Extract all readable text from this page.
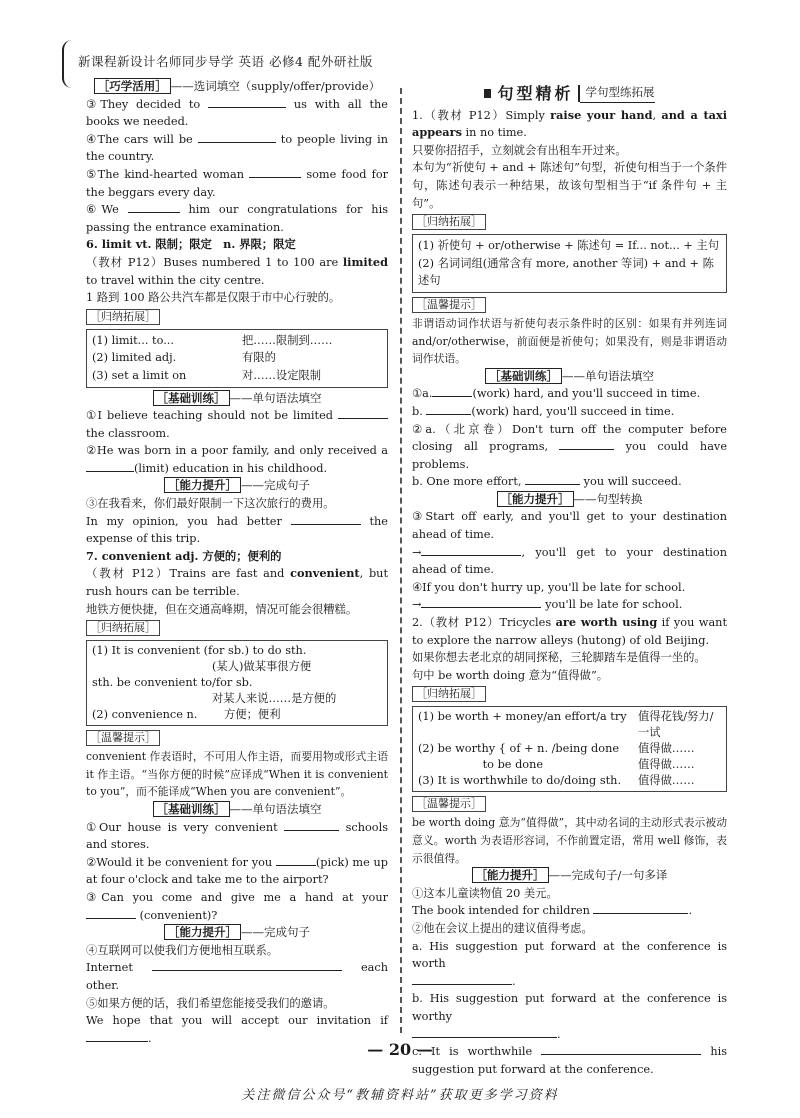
新课程新设计名师同步导学 英语 必修4 配外研社版

［巧学活用］ ——选词填空（supply/offer/provide）

③They decided to	us with all the books we needed.

④The cars will be	to people living in the country.

⑤The kind-hearted woman	some food for the beggars every day.

⑥We	him our congratulations for his passing the entrance examination.

6. limit vt. 限制；限定　n. 界限；限定

（教材 P12）Buses numbered 1 to 100 are limited to travel within the city centre.

1 路到 100 路公共汽车都是仅限于市中心行驶的。

［归纳拓展］
(1) limit... to...	把……限制到……
(2) limited adj.	有限的
(3) set a limit on	对……设定限制

［基础训练］ ——单句语法填空

①I believe teaching should not be limited  the classroom.

②He was born in a poor family, and only received a (limit) education in his childhood.

［能力提升］ ——完成句子

③在我看来，你们最好限制一下这次旅行的费用。

In my opinion, you had better	the expense of this trip.

7. convenient adj. 方便的；便利的

（教材 P12）Trains are fast and convenient, but rush hours can be terrible.

地铁方便快捷，但在交通高峰期，情况可能会很糟糕。

［归纳拓展］
(1) It is convenient (for sb.) to do sth.
(某人)做某事很方便
sth. be convenient to/for sb.
对某人来说……是方便的
(2) convenience n.	方便；便利
［温馨提示］

convenient 作表语时，不可用人作主语，而要用物或形式主语 it 作主语。“当你方便的时候”应译成“When it is convenient to you”，而不能译成“When you are convenient”。

［基础训练］ ——单句语法填空

①Our house is very convenient	schools and stores.

②Would it be convenient for you	(pick) me up at four o'clock and take me to the airport?

③Can you come and give me a hand at your  (convenient)?

［能力提升］ ——完成句子

④互联网可以使我们方便地相互联系。

Internet	each other.

⑤如果方便的话，我们希望您能接受我们的邀请。

We hope that you will accept our invitation if .

句型精析	学句型练拓展

1.（教材 P12）Simply raise your hand, and a taxi appears in no time.

只要你招招手，立刻就会有出租车开过来。

本句为“祈使句 + and + 陈述句”句型，祈使句相当于一个条件句，陈述句表示一种结果，故该句型相当于“if 条件句 + 主句”。

［归纳拓展］
(1) 祈使句 + or/otherwise + 陈述句 = If... not... + 主句
(2) 名词词组(通常含有 more, another 等词) + and + 陈述句
［温馨提示］

非谓语动词作状语与祈使句表示条件时的区别：如果有并列连词 and/or/otherwise，前面便是祈使句；如果没有，则是非谓语动词作状语。

［基础训练］ ——单句语法填空

①a.	(work) hard, and you'll succeed in time.

b.	(work) hard, you'll succeed in time.

②a.（北京卷）Don't turn off the computer before closing all programs,	you could have problems.

b. One more effort,	you will succeed.

［能力提升］ ——句型转换

③Start off early, and you'll get to your destination ahead of time.

→	, you'll get to your destination ahead of time.

④If you don't hurry up, you'll be late for school.

→	you'll be late for school.

2.（教材 P12）Tricycles are worth using if you want to explore the narrow alleys (hutong) of old Beijing.

如果你想去老北京的胡同探秘，三轮脚踏车是值得一坐的。

句中 be worth doing 意为“值得做”。

［归纳拓展］
(1) be worth + money/an effort/a try	值得花钱/努力/一试
(2) be worthy { of + n. /being done	值得做……
to be done	值得做……
(3) It is worthwhile to do/doing sth.	值得做……
［温馨提示］

be worth doing 意为“值得做”，其中动名词的主动形式表示被动意义。worth 为表语形容词，不作前置定语，常用 well 修饰，表示很值得。

［能力提升］ ——完成句子/一句多译

①这本儿童读物值 20 美元。

The book intended for children	.

②他在会议上提出的建议值得考虑。

a. His suggestion put forward at the conference is worth
.

b. His suggestion put forward at the conference is worthy
.

c. It is worthwhile	his suggestion put forward at the conference.

— 20 —
关注微信公众号“教辅资料站”获取更多学习资料
